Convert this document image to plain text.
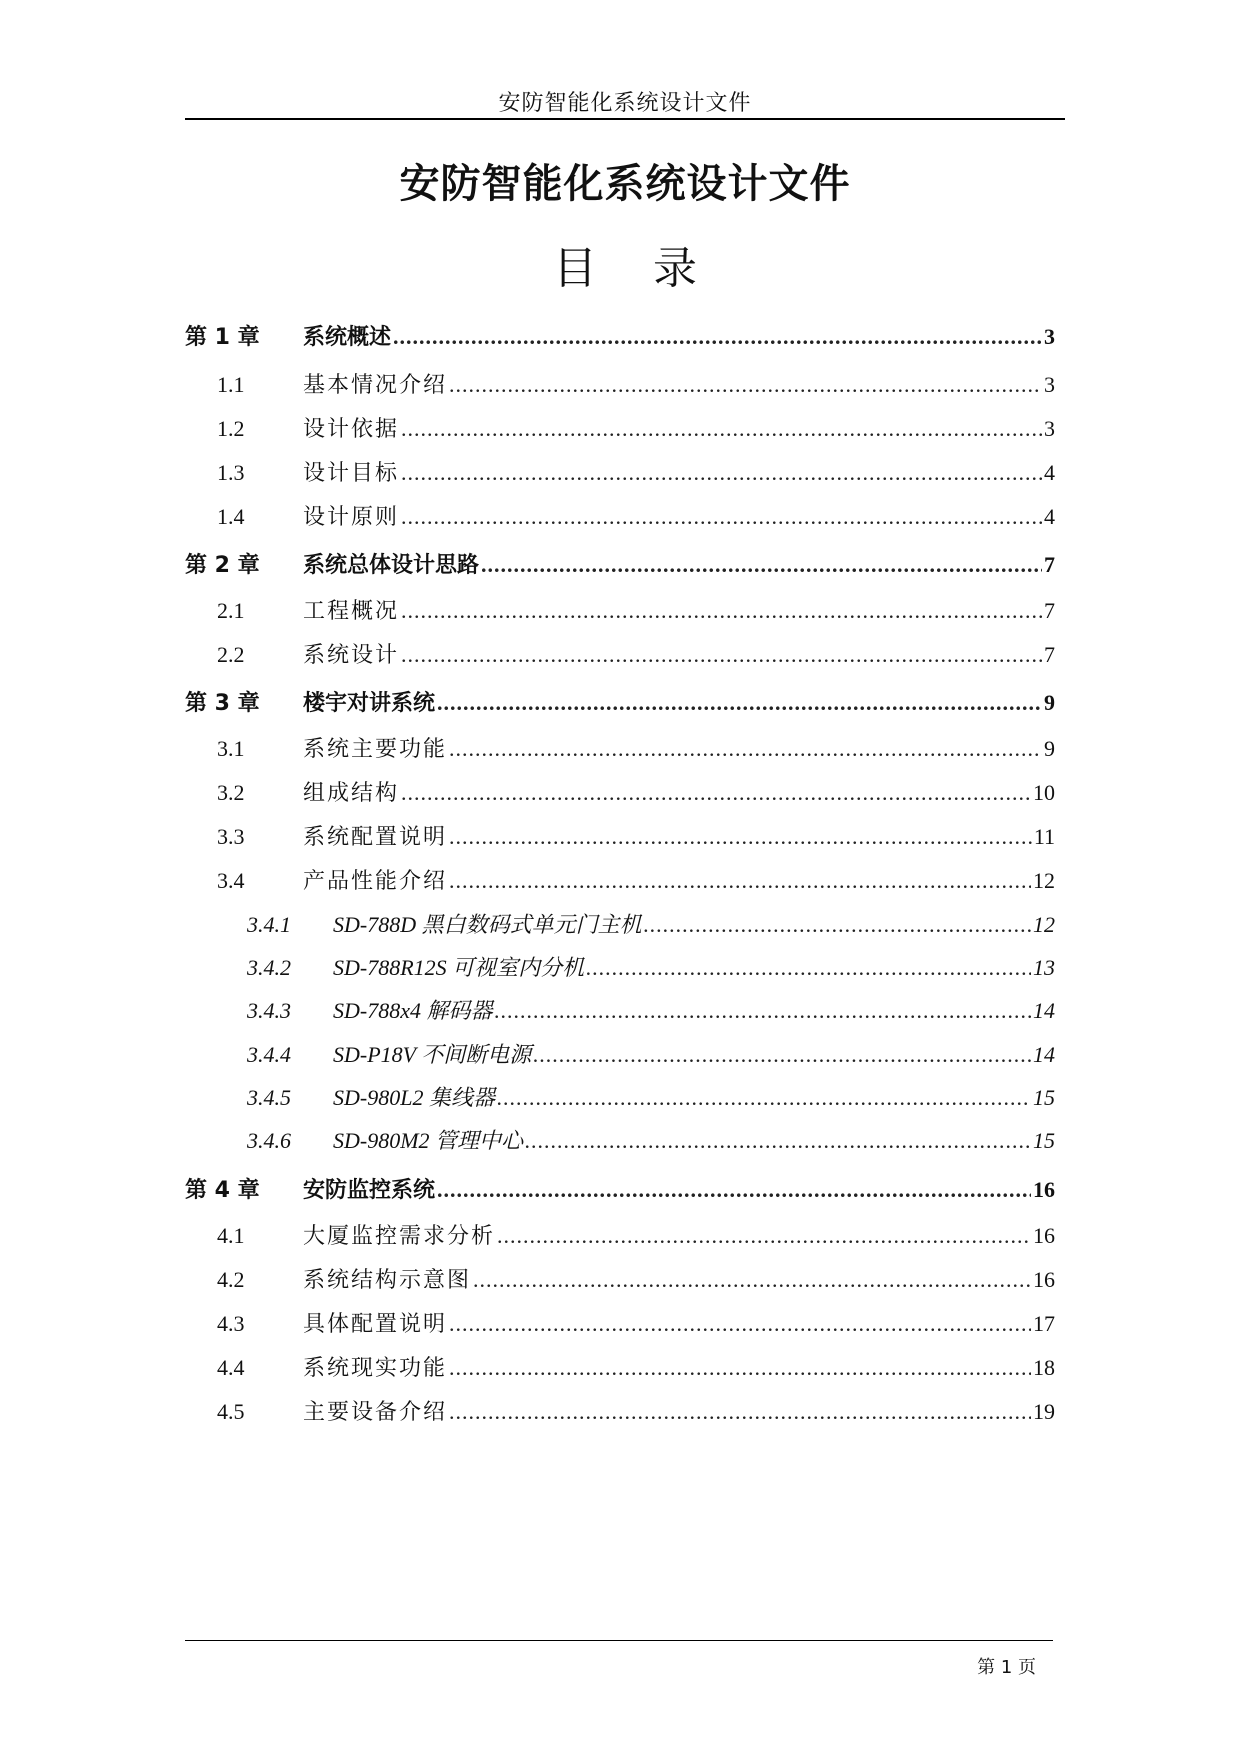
安防智能化系统设计文件
安防智能化系统设计文件
目 录
第 1 章	系统概述 .....	3
1.1	基本情况介绍 .....	3
1.2	设计依据 .....	3
1.3	设计目标 .....	4
1.4	设计原则 .....	4
第 2 章	系统总体设计思路 .....	7
2.1	工程概况 .....	7
2.2	系统设计 .....	7
第 3 章	楼宇对讲系统 .....	9
3.1	系统主要功能 .....	9
3.2	组成结构 .....	10
3.3	系统配置说明 .....	11
3.4	产品性能介绍 .....	12
3.4.1	SD-788D 黑白数码式单元门主机 .....	12
3.4.2	SD-788R12S 可视室内分机 .....	13
3.4.3	SD-788x4 解码器 .....	14
3.4.4	SD-P18V 不间断电源 .....	14
3.4.5	SD-980L2 集线器 .....	15
3.4.6	SD-980M2 管理中心 .....	15
第 4 章	安防监控系统 .....	16
4.1	大厦监控需求分析 .....	16
4.2	系统结构示意图 .....	16
4.3	具体配置说明 .....	17
4.4	系统现实功能 .....	18
4.5	主要设备介绍 .....	19
第 1 页
